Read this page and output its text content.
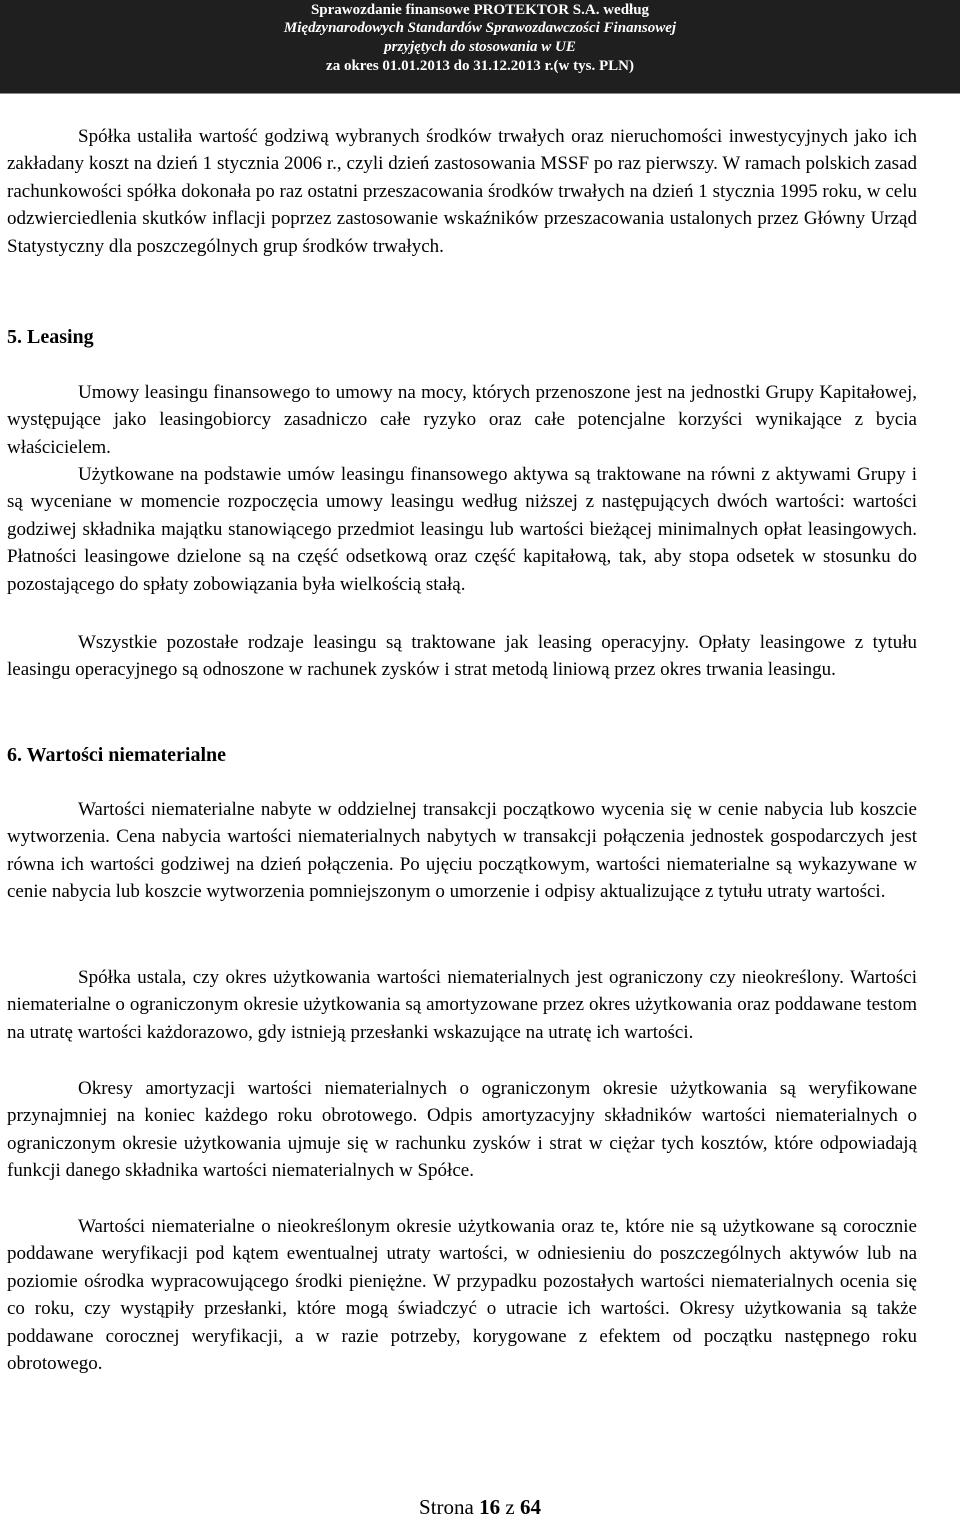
Sprawozdanie finansowe PROTEKTOR S.A. według
Międzynarodowych Standardów Sprawozdawczości Finansowej
przyjętych do stosowania w UE
za okres 01.01.2013 do 31.12.2013 r.(w tys. PLN)

Spółka ustaliła wartość godziwą wybranych środków trwałych oraz nieruchomości inwestycyjnych jako ich zakładany koszt na dzień 1 stycznia 2006 r., czyli dzień zastosowania MSSF po raz pierwszy. W ramach polskich zasad rachunkowości spółka dokonała po raz ostatni przeszacowania środków trwałych na dzień 1 stycznia 1995 roku, w celu odzwierciedlenia skutków inflacji poprzez zastosowanie wskaźników przeszacowania ustalonych przez Główny Urząd Statystyczny dla poszczególnych grup środków trwałych.

5. Leasing

Umowy leasingu finansowego to umowy na mocy, których przenoszone jest na jednostki Grupy Kapitałowej, występujące jako leasingobiorcy zasadniczo całe ryzyko oraz całe potencjalne korzyści wynikające z bycia właścicielem.

Użytkowane na podstawie umów leasingu finansowego aktywa są traktowane na równi z aktywami Grupy i są wyceniane w momencie rozpoczęcia umowy leasingu według niższej z następujących dwóch wartości: wartości godziwej składnika majątku stanowiącego przedmiot leasingu lub wartości bieżącej minimalnych opłat leasingowych. Płatności leasingowe dzielone są na część odsetkową oraz część kapitałową, tak, aby stopa odsetek w stosunku do pozostającego do spłaty zobowiązania była wielkością stałą.

Wszystkie pozostałe rodzaje leasingu są traktowane jak leasing operacyjny. Opłaty leasingowe z tytułu leasingu operacyjnego są odnoszone w rachunek zysków i strat metodą liniową przez okres trwania leasingu.

6. Wartości niematerialne

Wartości niematerialne nabyte w oddzielnej transakcji początkowo wycenia się w cenie nabycia lub koszcie wytworzenia. Cena nabycia wartości niematerialnych nabytych w transakcji połączenia jednostek gospodarczych jest równa ich wartości godziwej na dzień połączenia. Po ujęciu początkowym, wartości niematerialne są wykazywane w cenie nabycia lub koszcie wytworzenia pomniejszonym o umorzenie i odpisy aktualizujące z tytułu utraty wartości.

Spółka ustala, czy okres użytkowania wartości niematerialnych jest ograniczony czy nieokreślony. Wartości niematerialne o ograniczonym okresie użytkowania są amortyzowane przez okres użytkowania oraz poddawane testom na utratę wartości każdorazowo, gdy istnieją przesłanki wskazujące na utratę ich wartości.

Okresy amortyzacji wartości niematerialnych o ograniczonym okresie użytkowania są weryfikowane przynajmniej na koniec każdego roku obrotowego. Odpis amortyzacyjny składników wartości niematerialnych o ograniczonym okresie użytkowania ujmuje się w rachunku zysków i strat w ciężar tych kosztów, które odpowiadają funkcji danego składnika wartości niematerialnych w Spółce.

Wartości niematerialne o nieokreślonym okresie użytkowania oraz te, które nie są użytkowane są corocznie poddawane weryfikacji pod kątem ewentualnej utraty wartości, w odniesieniu do poszczególnych aktywów lub na poziomie ośrodka wypracowującego środki pieniężne. W przypadku pozostałych wartości niematerialnych ocenia się co roku, czy wystąpiły przesłanki, które mogą świadczyć o utracie ich wartości. Okresy użytkowania są także poddawane corocznej weryfikacji, a w razie potrzeby, korygowane z efektem od początku następnego roku obrotowego.

Strona 16 z 64
